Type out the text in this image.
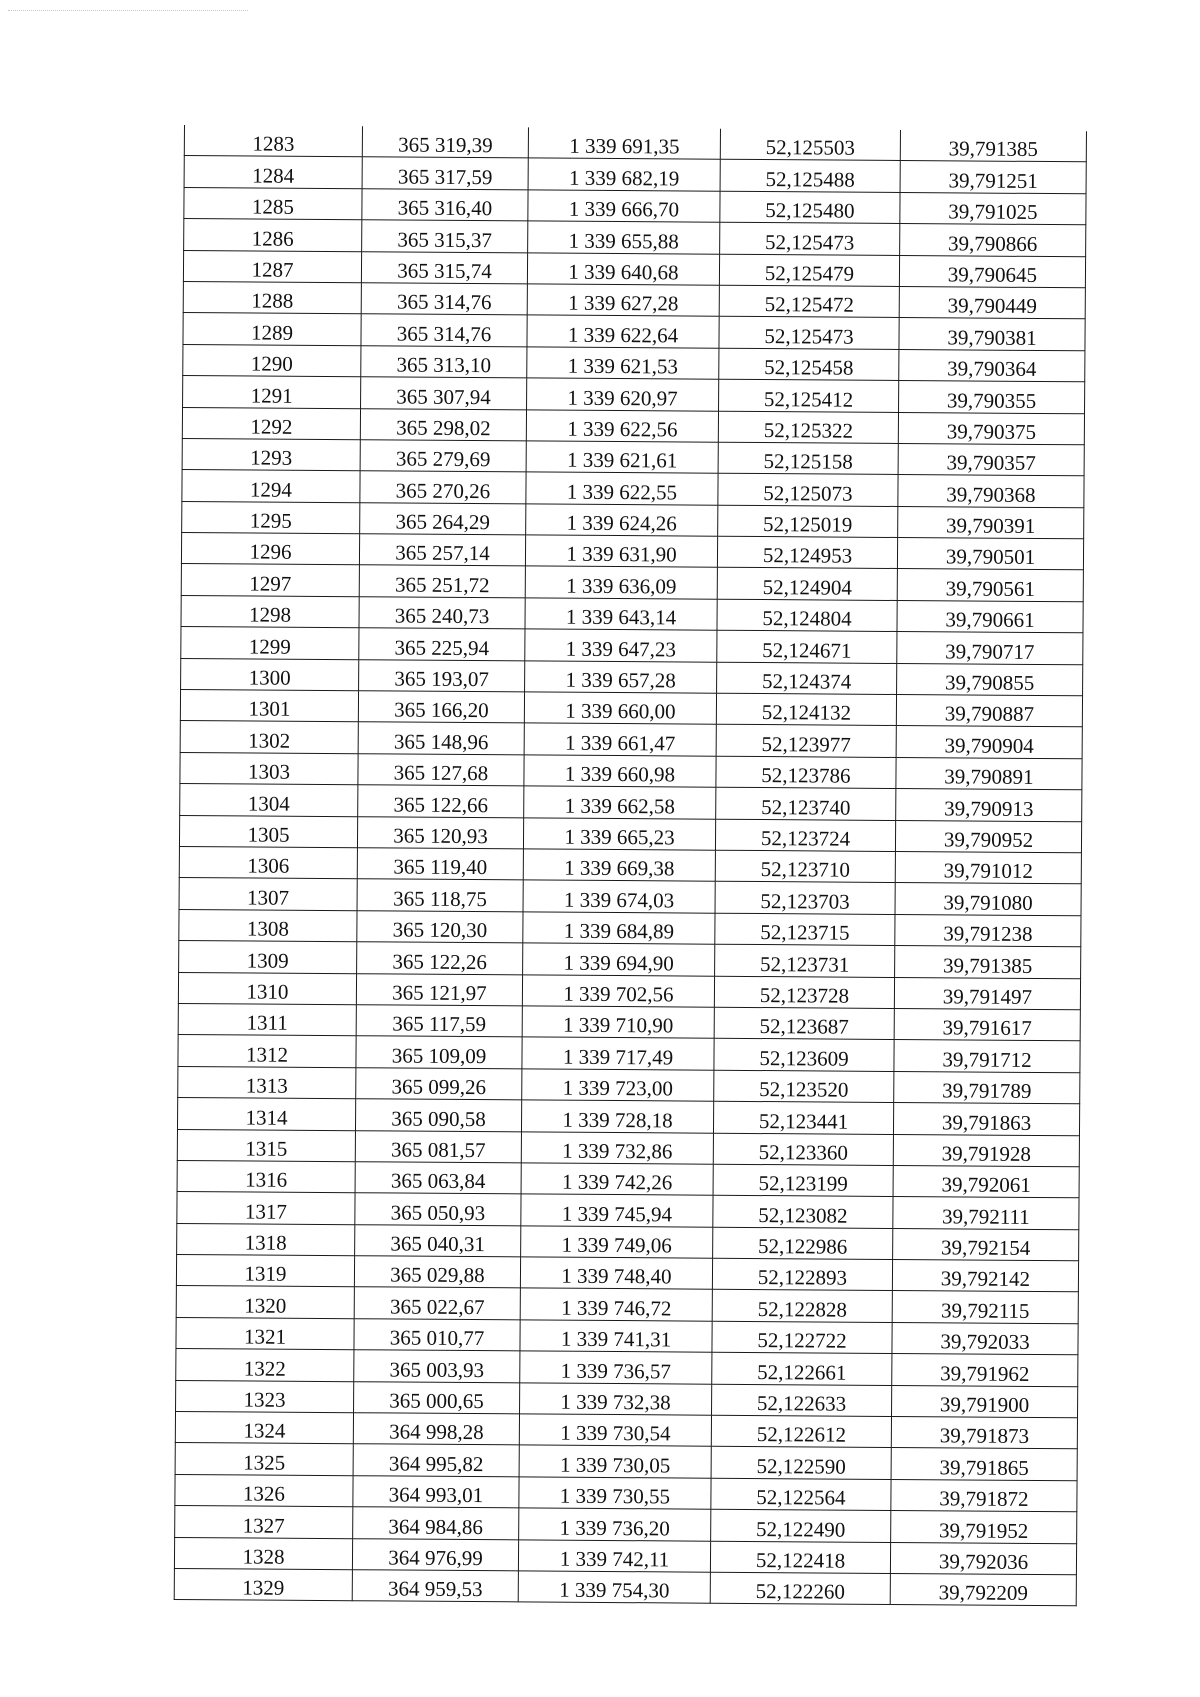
1283	365 319,39	1 339 691,35	52,125503	39,791385
1284	365 317,59	1 339 682,19	52,125488	39,791251
1285	365 316,40	1 339 666,70	52,125480	39,791025
1286	365 315,37	1 339 655,88	52,125473	39,790866
1287	365 315,74	1 339 640,68	52,125479	39,790645
1288	365 314,76	1 339 627,28	52,125472	39,790449
1289	365 314,76	1 339 622,64	52,125473	39,790381
1290	365 313,10	1 339 621,53	52,125458	39,790364
1291	365 307,94	1 339 620,97	52,125412	39,790355
1292	365 298,02	1 339 622,56	52,125322	39,790375
1293	365 279,69	1 339 621,61	52,125158	39,790357
1294	365 270,26	1 339 622,55	52,125073	39,790368
1295	365 264,29	1 339 624,26	52,125019	39,790391
1296	365 257,14	1 339 631,90	52,124953	39,790501
1297	365 251,72	1 339 636,09	52,124904	39,790561
1298	365 240,73	1 339 643,14	52,124804	39,790661
1299	365 225,94	1 339 647,23	52,124671	39,790717
1300	365 193,07	1 339 657,28	52,124374	39,790855
1301	365 166,20	1 339 660,00	52,124132	39,790887
1302	365 148,96	1 339 661,47	52,123977	39,790904
1303	365 127,68	1 339 660,98	52,123786	39,790891
1304	365 122,66	1 339 662,58	52,123740	39,790913
1305	365 120,93	1 339 665,23	52,123724	39,790952
1306	365 119,40	1 339 669,38	52,123710	39,791012
1307	365 118,75	1 339 674,03	52,123703	39,791080
1308	365 120,30	1 339 684,89	52,123715	39,791238
1309	365 122,26	1 339 694,90	52,123731	39,791385
1310	365 121,97	1 339 702,56	52,123728	39,791497
1311	365 117,59	1 339 710,90	52,123687	39,791617
1312	365 109,09	1 339 717,49	52,123609	39,791712
1313	365 099,26	1 339 723,00	52,123520	39,791789
1314	365 090,58	1 339 728,18	52,123441	39,791863
1315	365 081,57	1 339 732,86	52,123360	39,791928
1316	365 063,84	1 339 742,26	52,123199	39,792061
1317	365 050,93	1 339 745,94	52,123082	39,792111
1318	365 040,31	1 339 749,06	52,122986	39,792154
1319	365 029,88	1 339 748,40	52,122893	39,792142
1320	365 022,67	1 339 746,72	52,122828	39,792115
1321	365 010,77	1 339 741,31	52,122722	39,792033
1322	365 003,93	1 339 736,57	52,122661	39,791962
1323	365 000,65	1 339 732,38	52,122633	39,791900
1324	364 998,28	1 339 730,54	52,122612	39,791873
1325	364 995,82	1 339 730,05	52,122590	39,791865
1326	364 993,01	1 339 730,55	52,122564	39,791872
1327	364 984,86	1 339 736,20	52,122490	39,791952
1328	364 976,99	1 339 742,11	52,122418	39,792036
1329	364 959,53	1 339 754,30	52,122260	39,792209
